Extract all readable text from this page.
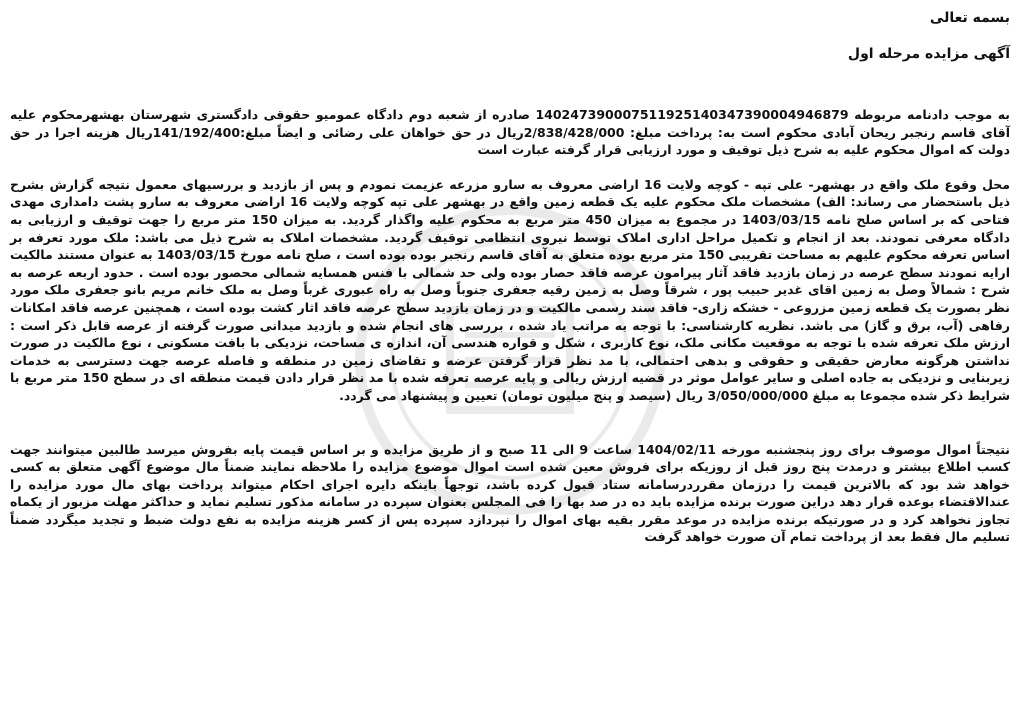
بسمه تعالی
آگهی مزایده مرحله اول

به موجب دادنامه مربوطه 140247390007511925140347390004946879 صادره از شعبه دوم دادگاه عمومیو حقوقی دادگستری شهرستان بهشهرمحکوم علیه آقای قاسم رنجبر ریحان آبادی محکوم است به: پرداخت مبلغ: 2/838/428/000ریال در حق خواهان علی رضائی و ایضاً مبلغ:141/192/400ریال هزینه اجرا در حق دولت که اموال محکوم علیه به شرح ذیل توقیف و مورد ارزیابی قرار گرفته عبارت است

محل وقوع ملک واقع در بهشهر- علی تپه - کوچه ولایت 16 اراضی معروف به سارو مزرعه عزیمت نمودم و پس از بازدید و بررسیهای معمول نتیجه گزارش بشرح ذیل باستحضار می رساند: الف) مشخصات ملک محکوم علیه یک قطعه زمین واقع در بهشهر علی تپه کوچه ولایت 16 اراضی معروف به سارو پشت دامداری مهدی فتاحی که بر اساس صلح نامه 1403/03/15 در مجموع به میزان 450 متر مربع به محکوم علیه واگذار گردید. به میزان 150 متر مربع را جهت توقیف و ارزیابی به دادگاه معرفی نمودند. بعد از انجام و تکمیل مراحل اداری املاک توسط نیروی انتظامی توقیف گردید. مشخصات املاک به شرح ذیل می باشد: ملک مورد تعرفه بر اساس تعرفه محکوم علیهم به مساحت تقریبی 150 متر مربع بوده متعلق به آقای قاسم رنجبر بوده بوده است ، صلح نامه مورخ 1403/03/15 به عنوان مستند مالکیت ارایه نمودند سطح عرصه در زمان بازدید فاقد آثار پیرامون عرصه فاقد حصار بوده ولی حد شمالی با فنس همسایه شمالی محصور بوده است . حدود اربعه عرصه به شرح : شمالاً وصل به زمین اقای غدیر حبیب پور ، شرقاً وصل به زمین رقیه جعفری جنوباً وصل به راه عبوری غرباً وصل به ملک خانم مریم بانو جعفری ملک مورد نظر بصورت یک قطعه زمین مزروعی - خشکه زاری- فاقد سند رسمی مالکیت و در زمان بازدید سطح عرصه فاقد اثار کشت بوده است ، همچنین عرصه فاقد امکانات رفاهی (آب، برق و گاز) می باشد. نظریه کارشناسی: با توجه به مراتب یاد شده ، بررسی های انجام شده و بازدید میدانی صورت گرفته از عرصه قابل ذکر است : ارزش ملک تعرفه شده با توجه به موقعیت مکانی ملک، نوع کاربری ، شکل و قواره هندسی آن، اندازه ی مساحت، نزدیکی با بافت مسکونی ، نوع مالکیت در صورت نداشتن هرگونه معارض حقیقی و حقوقی و بدهی احتمالی، با مد نظر قرار گرفتن عرضه و تقاضای زمین در منطقه و فاصله عرصه جهت دسترسی به خدمات زیربنایی و نزدیکی به جاده اصلی و سایر عوامل موثر در قضیه ارزش ریالی و پایه عرصه تعرفه شده با مد نظر قرار دادن قیمت منطقه ای در سطح 150 متر مربع با شرایط ذکر شده مجموعا به مبلغ 3/050/000/000 ریال (سیصد و پنج میلیون تومان) تعیین و پیشنهاد می گردد.

نتیجتاً اموال موصوف برای روز پنجشنبه مورخه 1404/02/11 ساعت 9 الی 11 صبح و از طریق مزایده و بر اساس قیمت پایه بفروش میرسد طالبین میتوانند جهت کسب اطلاع بیشتر و درمدت پنج روز قبل از روزیکه برای فروش معین شده است اموال موضوع مزایده را ملاحظه نمایند ضمناً مال موضوع آگهی متعلق به کسی خواهد شد بود که بالاترین قیمت را درزمان مقرردرسامانه ستاد قبول کرده باشد، توجهاً باینکه دایره اجرای احکام میتواند پرداخت بهای مال مورد مزایده را عندالاقتضاء بوعده قرار دهد دراین صورت برنده مزایده باید ده در صد بها را فی المجلس بعنوان سپرده در سامانه مذکور تسلیم نماید و حداکثر مهلت مزبور از یکماه تجاوز نخواهد کرد و در صورتیکه برنده مزایده در موعد مقرر بقیه بهای اموال را نپردازد سپرده پس از کسر هزینه مزایده به نفع دولت ضبط و تجدید میگردد ضمناً تسلیم مال فقط بعد از پرداخت تمام آن صورت خواهد گرفت
